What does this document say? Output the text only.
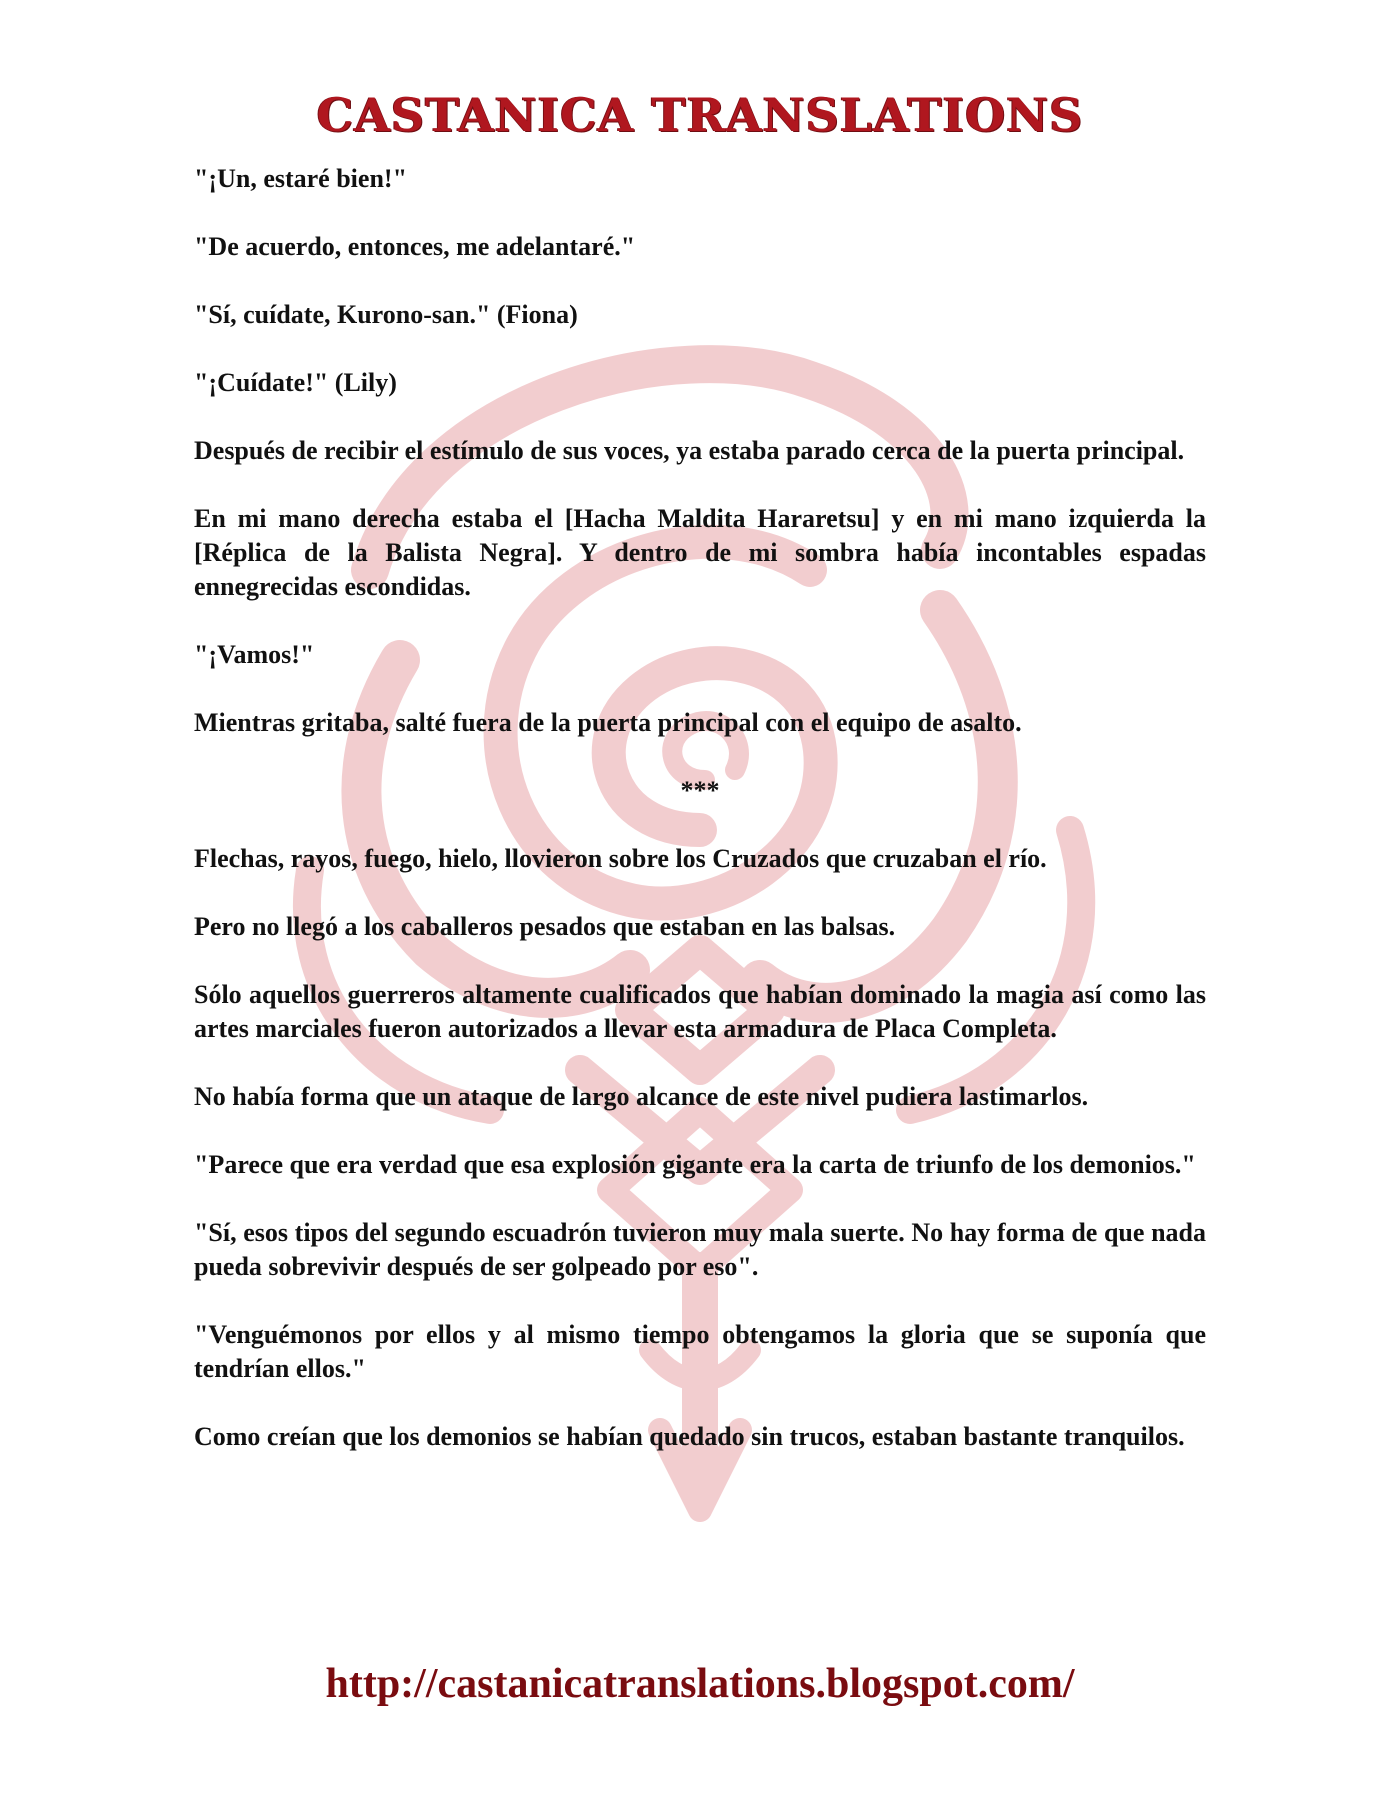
CASTANICA TRANSLATIONS

"¡Un, estaré bien!"

"De acuerdo, entonces, me adelantaré."

"Sí, cuídate, Kurono-san." (Fiona)

"¡Cuídate!" (Lily)

Después de recibir el estímulo de sus voces, ya estaba parado cerca de la puerta principal.

En mi mano derecha estaba el [Hacha Maldita Hararetsu] y en mi mano izquierda la [Réplica de la Balista Negra]. Y dentro de mi sombra había incontables espadas ennegrecidas escondidas.

"¡Vamos!"

Mientras gritaba, salté fuera de la puerta principal con el equipo de asalto.

***

Flechas, rayos, fuego, hielo, llovieron sobre los Cruzados que cruzaban el río.

Pero no llegó a los caballeros pesados que estaban en las balsas.

Sólo aquellos guerreros altamente cualificados que habían dominado la magia así como las artes marciales fueron autorizados a llevar esta armadura de Placa Completa.

No había forma que un ataque de largo alcance de este nivel pudiera lastimarlos.

"Parece que era verdad que esa explosión gigante era la carta de triunfo de los demonios."

"Sí, esos tipos del segundo escuadrón tuvieron muy mala suerte. No hay forma de que nada pueda sobrevivir después de ser golpeado por eso".

"Venguémonos por ellos y al mismo tiempo obtengamos la gloria que se suponía que tendrían ellos."

Como creían que los demonios se habían quedado sin trucos, estaban bastante tranquilos.

http://castanicatranslations.blogspot.com/
